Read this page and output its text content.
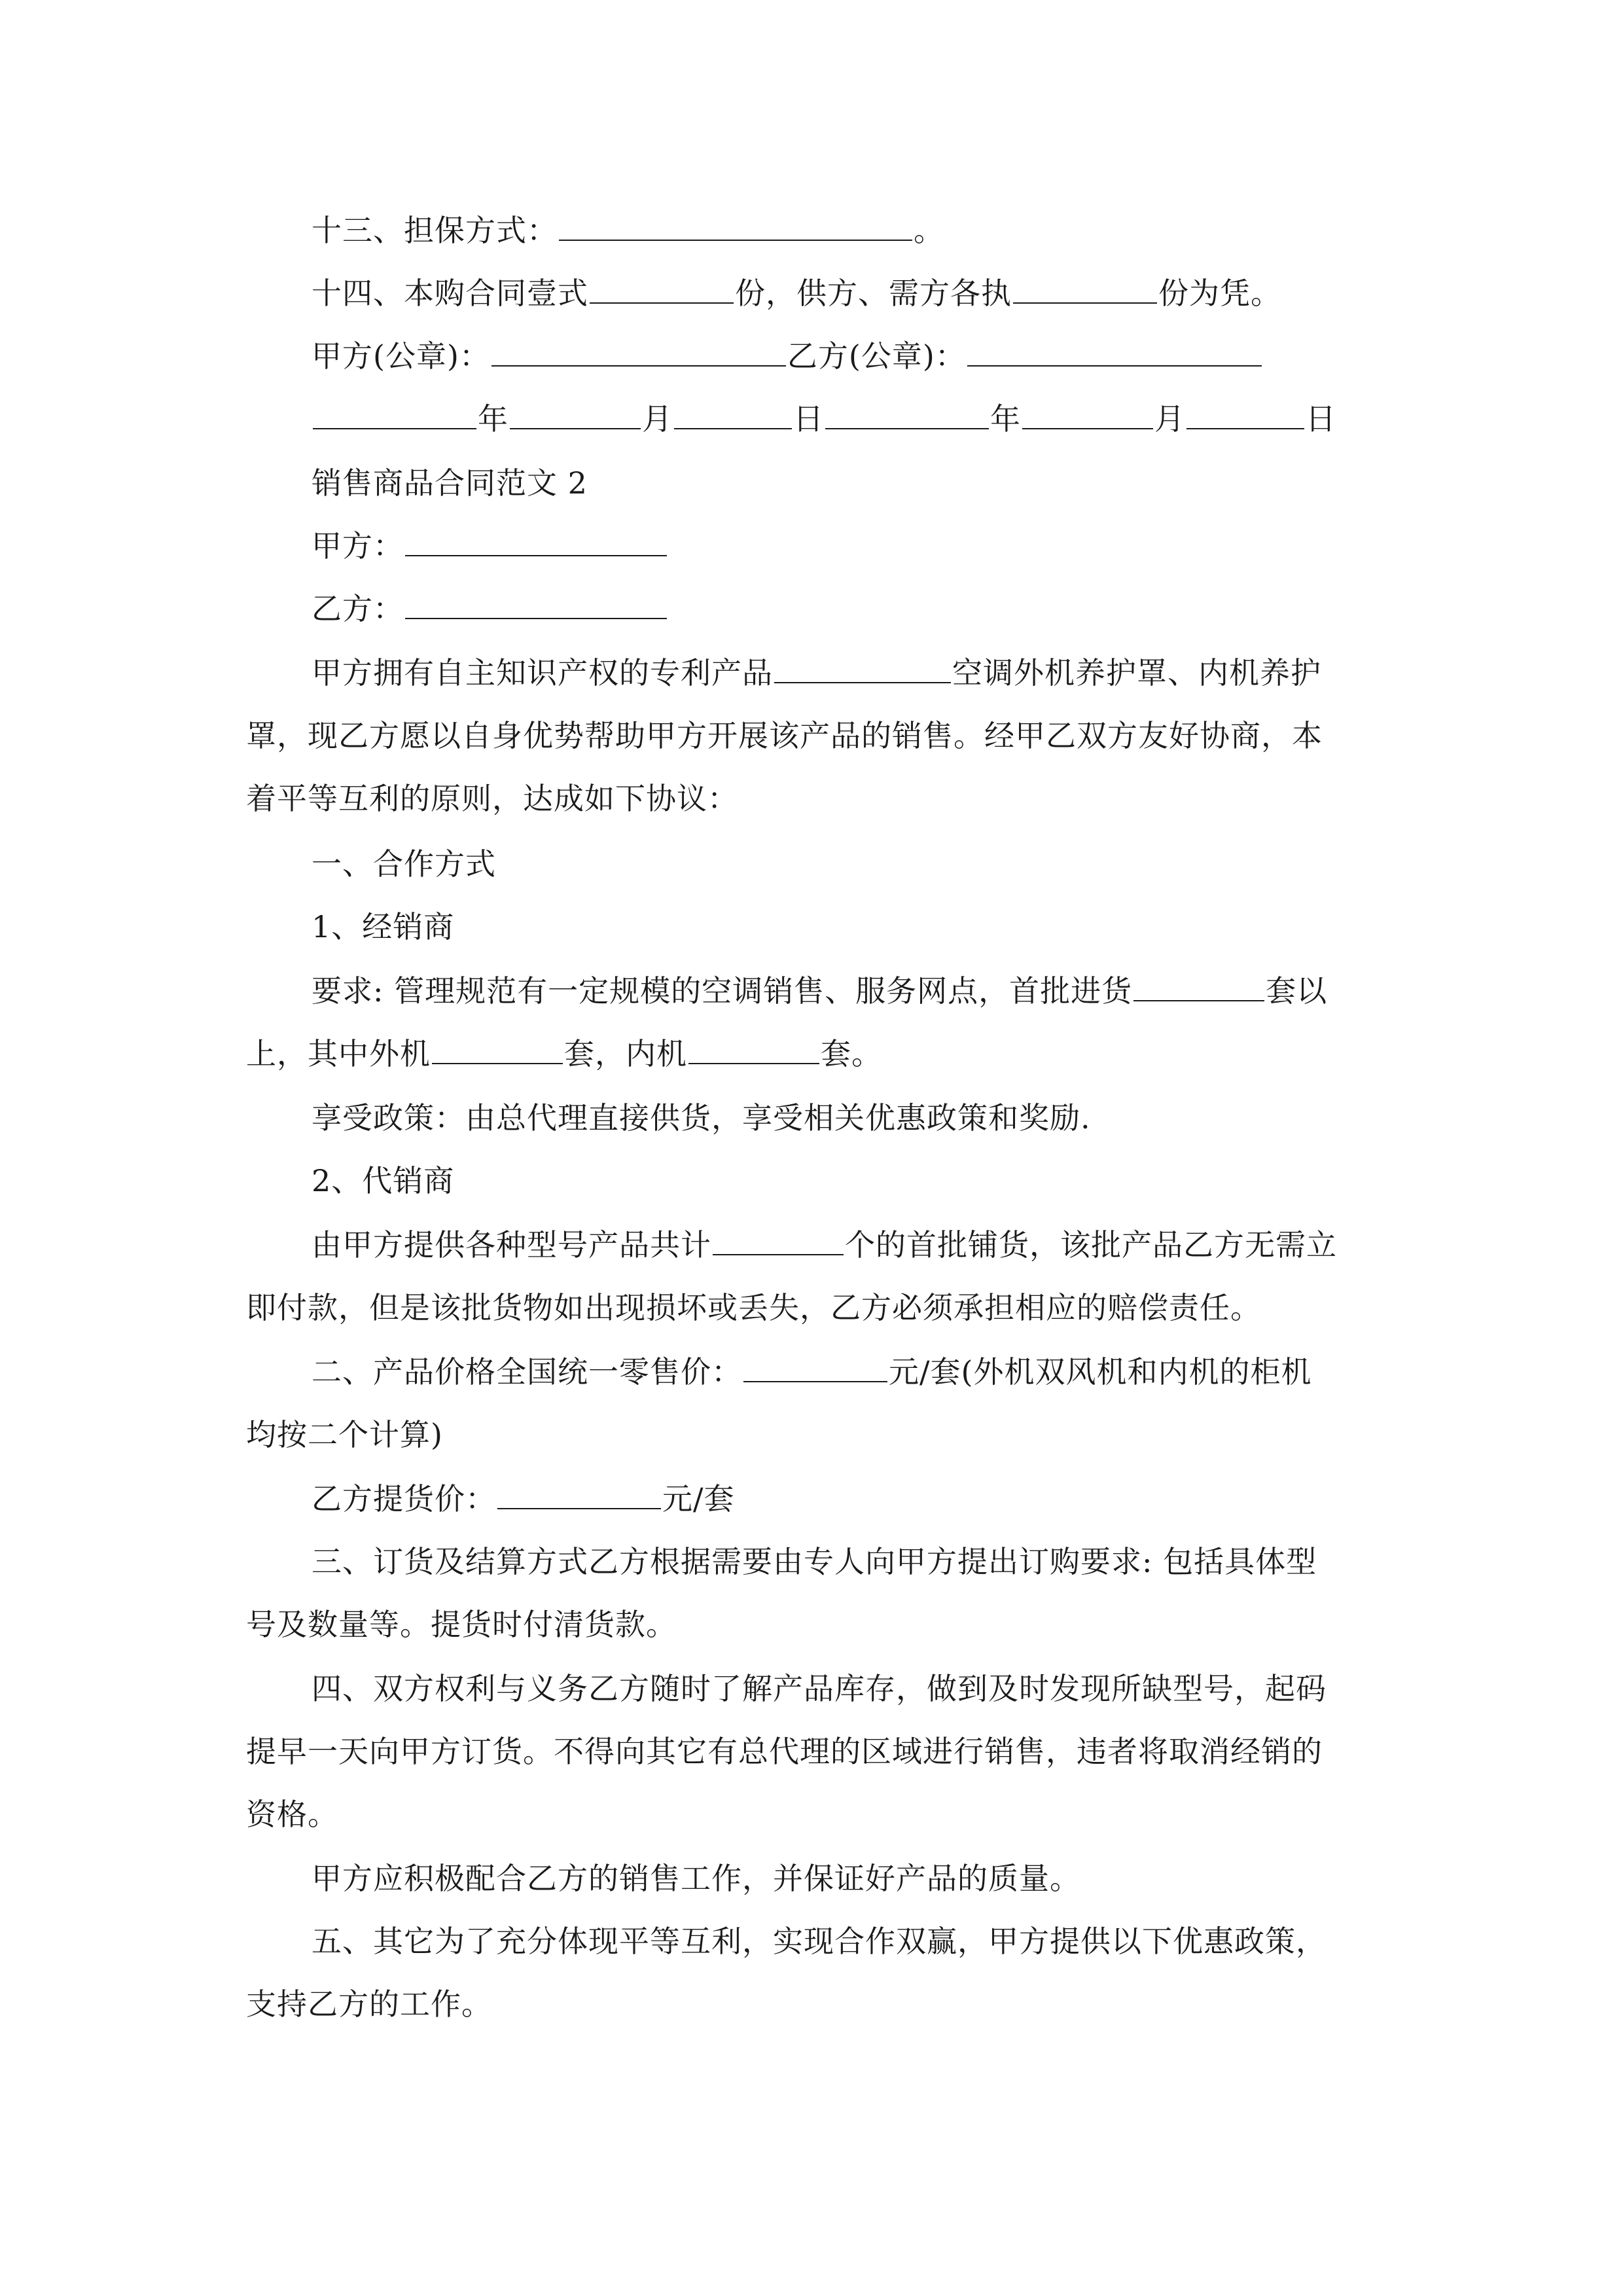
十三、担保方式：	。
十四、本购合同壹式	份，供方、需方各执	份为凭。
甲方(公章)：	乙方(公章)：
年	月	日	年	月	日
销售商品合同范文 2
甲方：
乙方：
甲方拥有自主知识产权的专利产品	空调外机养护罩、内机养护
罩，现乙方愿以自身优势帮助甲方开展该产品的销售。经甲乙双方友好协商，本
着平等互利的原则，达成如下协议：
一、合作方式
1、经销商
要求: 管理规范有一定规模的空调销售、服务网点，首批进货	套以
上，其中外机	套，内机	套。
享受政策：由总代理直接供货，享受相关优惠政策和奖励.
2、代销商
由甲方提供各种型号产品共计	个的首批铺货，该批产品乙方无需立
即付款，但是该批货物如出现损坏或丢失，乙方必须承担相应的赔偿责任。
二、产品价格全国统一零售价：	元/套(外机双风机和内机的柜机
均按二个计算)
乙方提货价：	元/套
三、订货及结算方式乙方根据需要由专人向甲方提出订购要求: 包括具体型
号及数量等。提货时付清货款。
四、双方权利与义务乙方随时了解产品库存，做到及时发现所缺型号，起码
提早一天向甲方订货。不得向其它有总代理的区域进行销售，违者将取消经销的
资格。
甲方应积极配合乙方的销售工作，并保证好产品的质量。
五、其它为了充分体现平等互利，实现合作双赢，甲方提供以下优惠政策，
支持乙方的工作。
